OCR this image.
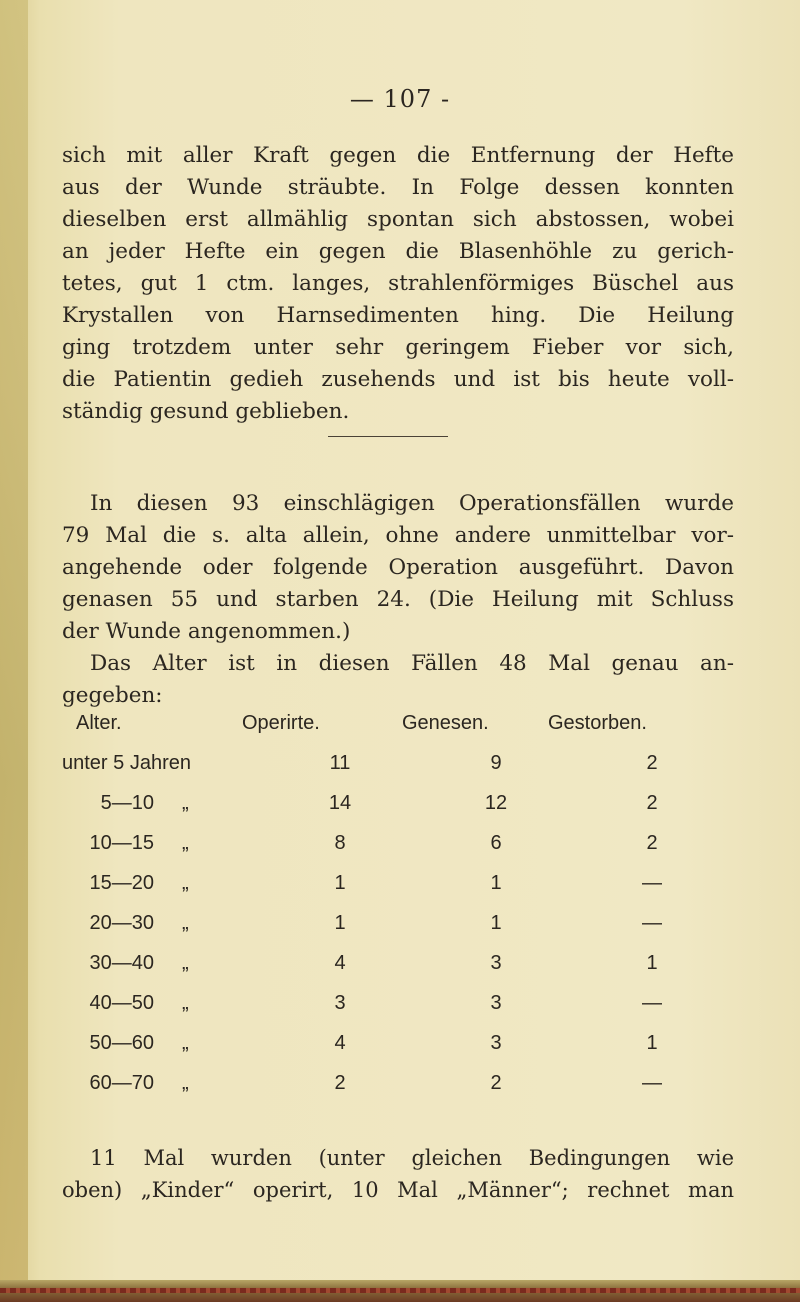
— 107 -

sich mit aller Kraft gegen die Entfernung der Hefte
aus der Wunde sträubte. In Folge dessen konnten
dieselben erst allmählig spontan sich abstossen, wobei
an jeder Hefte ein gegen die Blasenhöhle zu gerich-
tetes, gut 1 ctm. langes, strahlenförmiges Büschel aus
Krystallen von Harnsedimenten hing. Die Heilung
ging trotzdem unter sehr geringem Fieber vor sich,
die Patientin gedieh zusehends und ist bis heute voll-
ständig gesund geblieben.

In diesen 93 einschlägigen Operationsfällen wurde
79 Mal die s. alta allein, ohne andere unmittelbar vor-
angehende oder folgende Operation ausgeführt. Davon
genasen 55 und starben 24. (Die Heilung mit Schluss
der Wunde angenommen.)

Das Alter ist in diesen Fällen 48 Mal genau an-
gegeben:

Alter.	Operirte.	Genesen.	Gestorben.
unter 5 Jahren	11	9	2
5—10 „	14	12	2
10—15 „	8	6	2
15—20 „	1	1	—
20—30 „	1	1	—
30—40 „	4	3	1
40—50 „	3	3	—
50—60 „	4	3	1
60—70 „	2	2	—
11 Mal wurden (unter gleichen Bedingungen wie
oben) „Kinder“ operirt, 10 Mal „Männer“; rechnet man
